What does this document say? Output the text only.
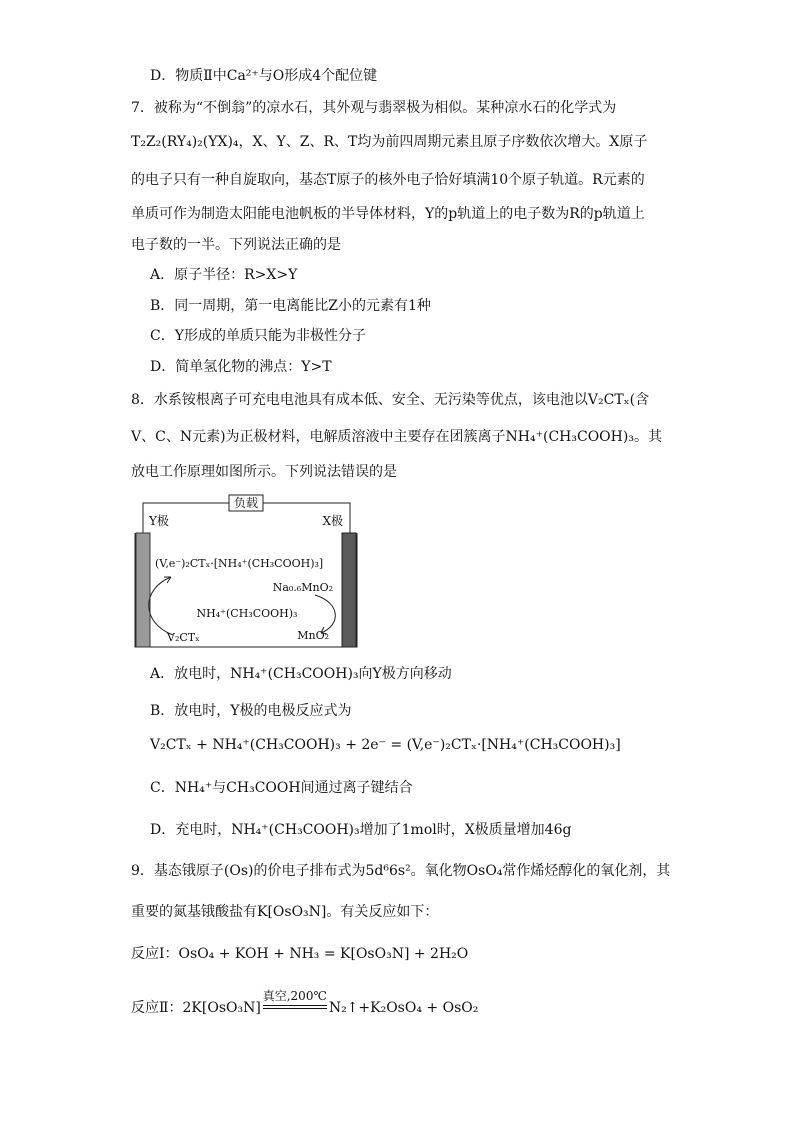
D．物质Ⅱ中Ca²⁺与O形成4个配位键
7．被称为“不倒翁”的凉水石，其外观与翡翠极为相似。某种凉水石的化学式为
T₂Z₂(RY₄)₂(YX)₄，X、Y、Z、R、T均为前四周期元素且原子序数依次增大。X原子
的电子只有一种自旋取向，基态T原子的核外电子恰好填满10个原子轨道。R元素的
单质可作为制造太阳能电池帆板的半导体材料，Y的p轨道上的电子数为R的p轨道上
电子数的一半。下列说法正确的是
A．原子半径：R>X>Y
B．同一周期，第一电离能比Z小的元素有1种
C．Y形成的单质只能为非极性分子
D．简单氢化物的沸点：Y>T
8．水系铵根离子可充电电池具有成本低、安全、无污染等优点，该电池以V₂CTₓ(含
V、C、N元素)为正极材料，电解质溶液中主要存在团簇离子NH₄⁺(CH₃COOH)₃。其
放电工作原理如图所示。下列说法错误的是
负载
Y极	X极
(V,e⁻)₂CTₓ·[NH₄⁺(CH₃COOH)₃]
Na₀.₆MnO₂
NH₄⁺(CH₃COOH)₃
V₂CTₓ	MnO₂
A．放电时，NH₄⁺(CH₃COOH)₃向Y极方向移动
B．放电时，Y极的电极反应式为
V₂CTₓ + NH₄⁺(CH₃COOH)₃ + 2e⁻ = (V,e⁻)₂CTₓ·[NH₄⁺(CH₃COOH)₃]
C．NH₄⁺与CH₃COOH间通过离子键结合
D．充电时，NH₄⁺(CH₃COOH)₃增加了1mol时，X极质量增加46g
9．基态锇原子(Os)的价电子排布式为5d⁶6s²。氧化物OsO₄常作烯烃醇化的氧化剂，其
重要的氮基锇酸盐有K[OsO₃N]。有关反应如下：
反应Ⅰ：OsO₄ + KOH + NH₃ = K[OsO₃N] + 2H₂O
反应Ⅱ：2K[OsO₃N]
真空,200℃
N₂↑+K₂OsO₄ + OsO₂
